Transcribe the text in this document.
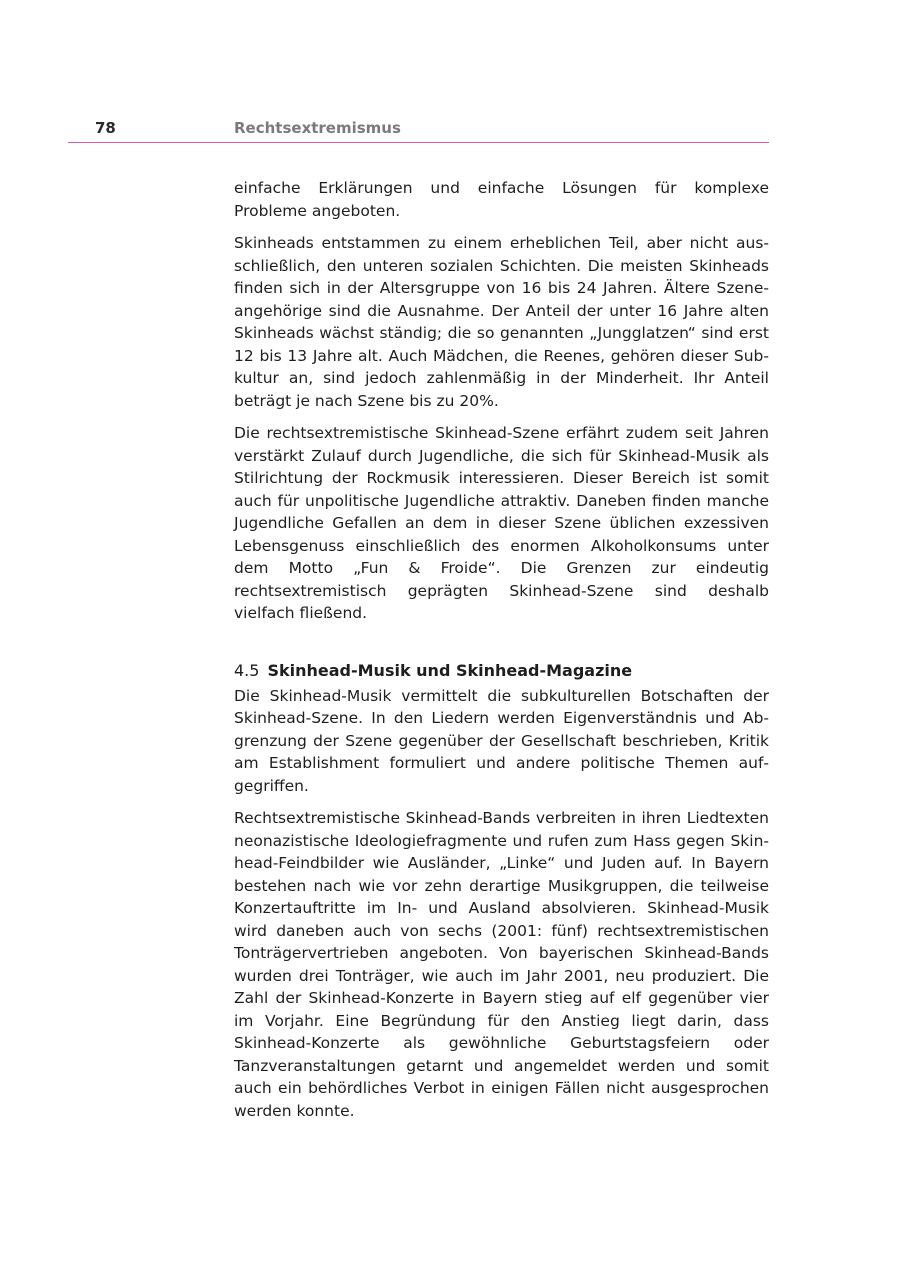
78	Rechtsextremismus

einfache Erklärungen und einfache Lösungen für komplexe Probleme angeboten.

Skinheads entstammen zu einem erheblichen Teil, aber nicht ausschließlich, den unteren sozialen Schichten. Die meisten Skinheads finden sich in der Altersgruppe von 16 bis 24 Jahren. Ältere Szeneangehörige sind die Ausnahme. Der Anteil der unter 16 Jahre alten Skinheads wächst ständig; die so genannten „Jungglatzen“ sind erst 12 bis 13 Jahre alt. Auch Mädchen, die Reenes, gehören dieser Subkultur an, sind jedoch zahlenmäßig in der Minderheit. Ihr Anteil beträgt je nach Szene bis zu 20%.

Die rechtsextremistische Skinhead-Szene erfährt zudem seit Jahren verstärkt Zulauf durch Jugendliche, die sich für Skinhead-Musik als Stilrichtung der Rockmusik interessieren. Dieser Bereich ist somit auch für unpolitische Jugendliche attraktiv. Daneben finden manche Jugendliche Gefallen an dem in dieser Szene üblichen exzessiven Lebensgenuss einschließlich des enormen Alkoholkonsums unter dem Motto „Fun & Froide“. Die Grenzen zur eindeutig rechtsextremistisch geprägten Skinhead-Szene sind deshalb vielfach fließend.

4.5 Skinhead-Musik und Skinhead-Magazine

Die Skinhead-Musik vermittelt die subkulturellen Botschaften der Skinhead-Szene. In den Liedern werden Eigenverständnis und Abgrenzung der Szene gegenüber der Gesellschaft beschrieben, Kritik am Establishment formuliert und andere politische Themen aufgegriffen.

Rechtsextremistische Skinhead-Bands verbreiten in ihren Liedtexten neonazistische Ideologiefragmente und rufen zum Hass gegen Skinhead-Feindbilder wie Ausländer, „Linke“ und Juden auf. In Bayern bestehen nach wie vor zehn derartige Musikgruppen, die teilweise Konzertauftritte im In- und Ausland absolvieren. Skinhead-Musik wird daneben auch von sechs (2001: fünf) rechtsextremistischen Tonträgervertrieben angeboten. Von bayerischen Skinhead-Bands wurden drei Tonträger, wie auch im Jahr 2001, neu produziert. Die Zahl der Skinhead-Konzerte in Bayern stieg auf elf gegenüber vier im Vorjahr. Eine Begründung für den Anstieg liegt darin, dass Skinhead-Konzerte als gewöhnliche Geburtstagsfeiern oder Tanzveranstaltungen getarnt und angemeldet werden und somit auch ein behördliches Verbot in einigen Fällen nicht ausgesprochen werden konnte.
